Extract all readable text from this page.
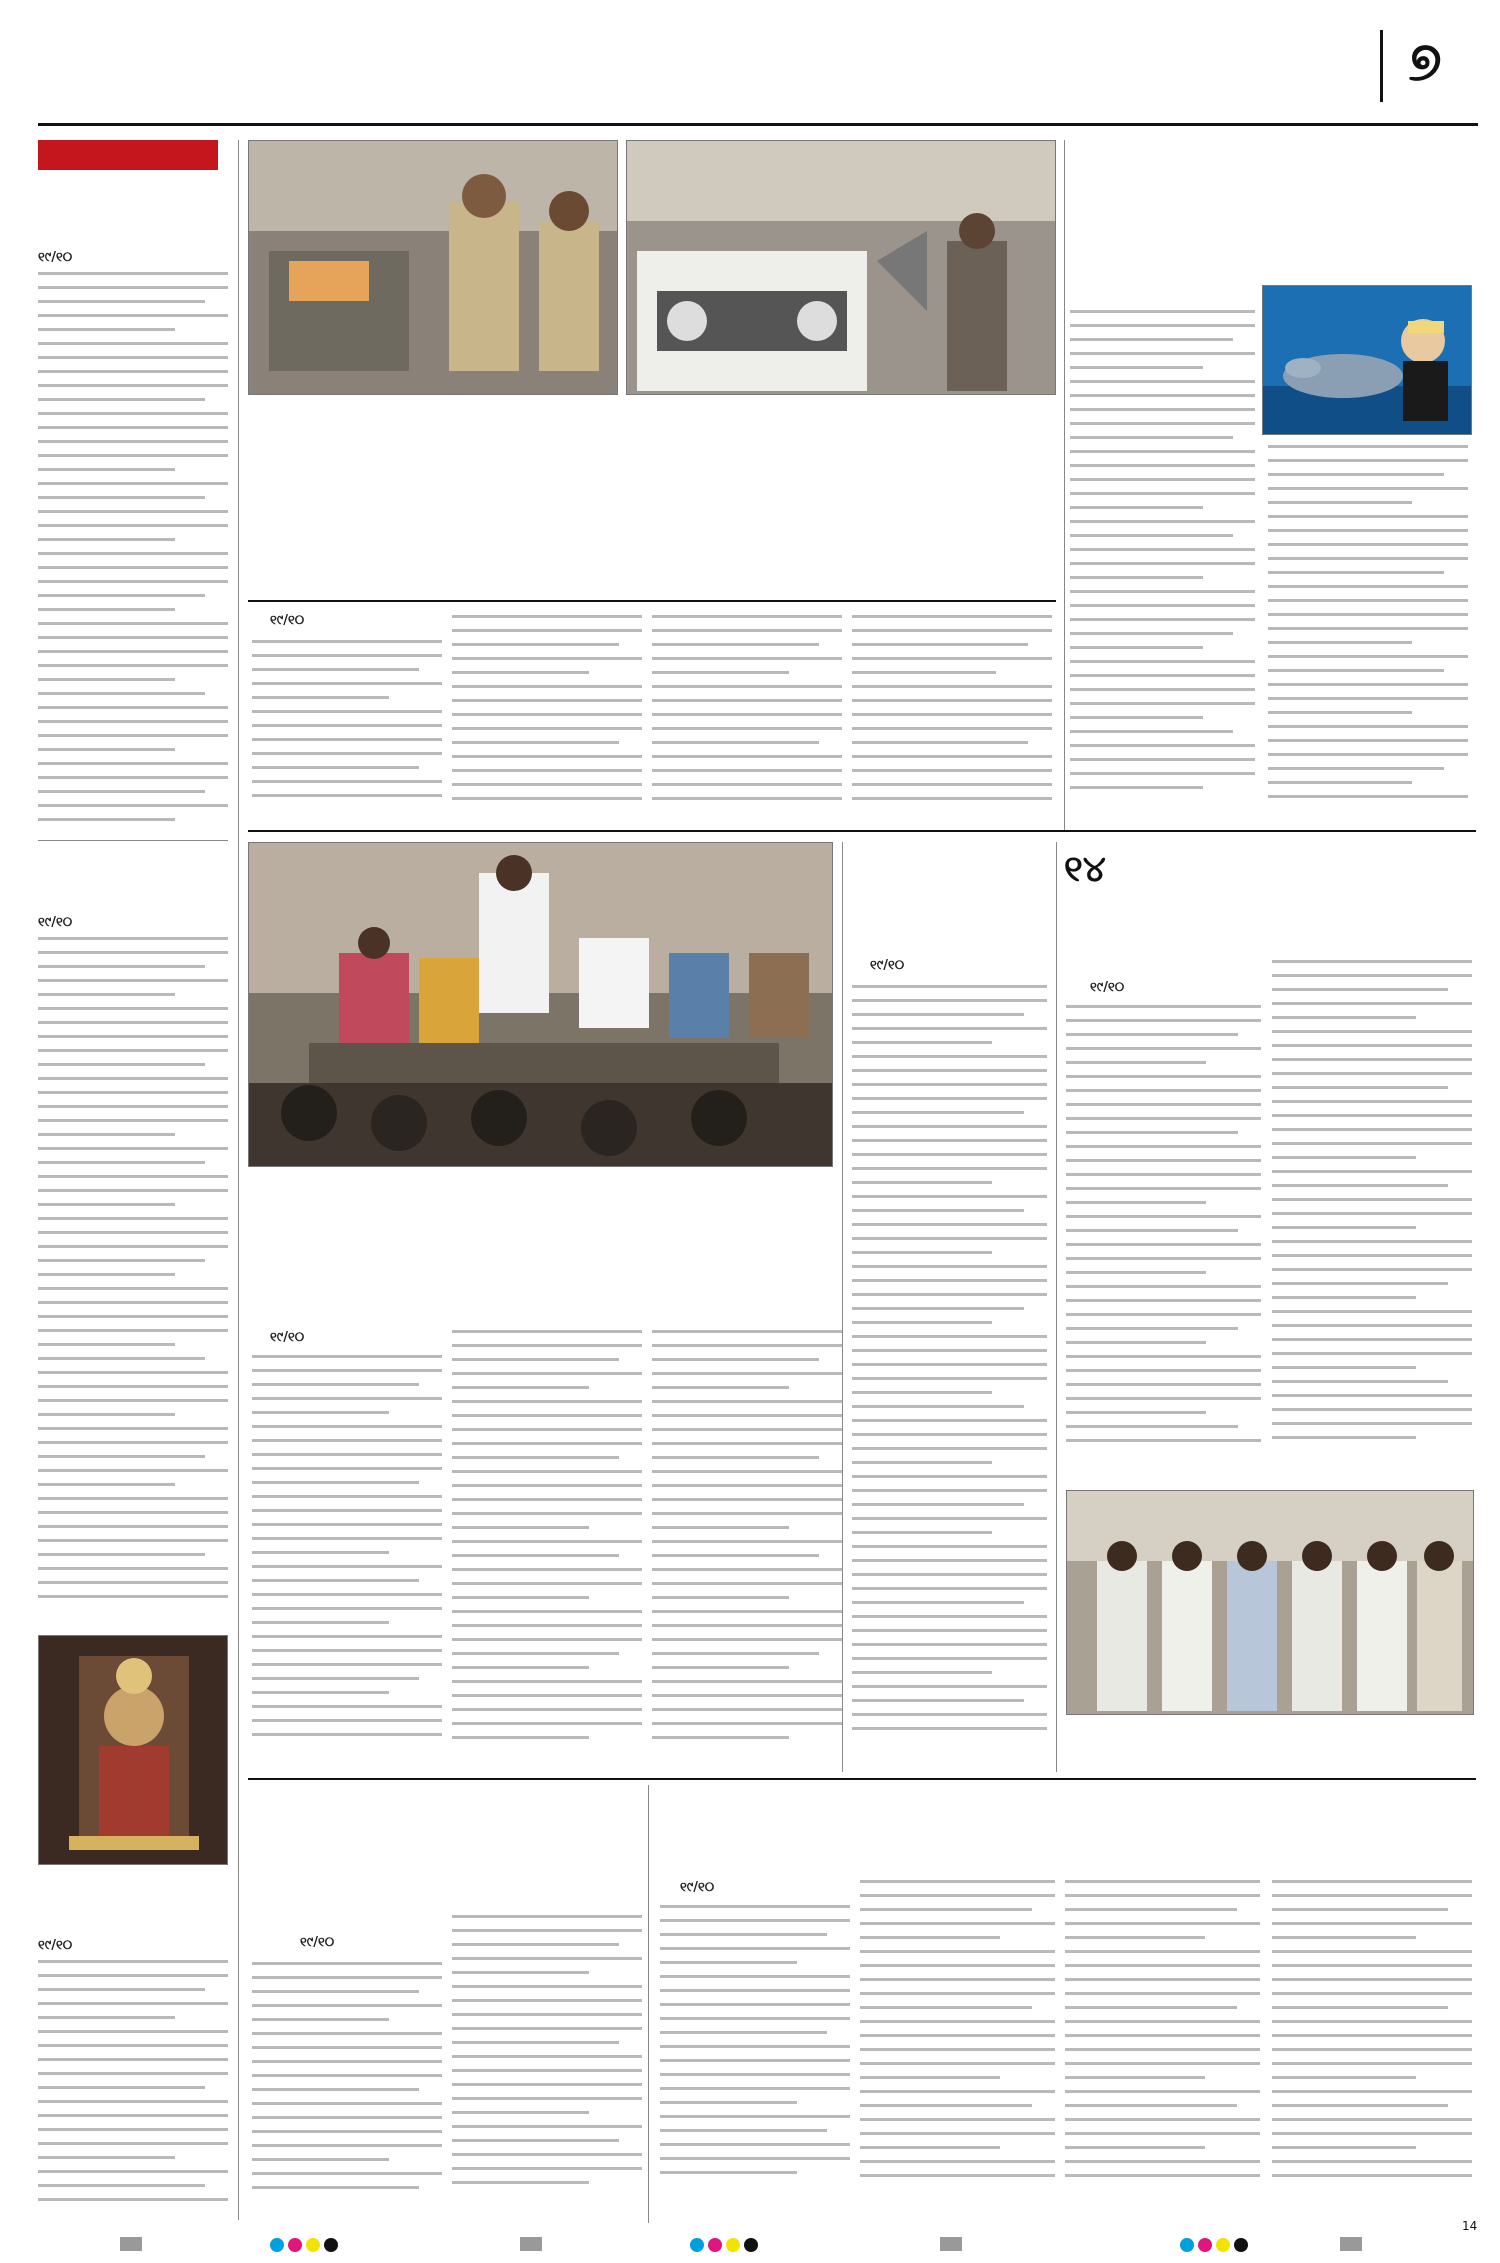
୭
୧୯/୧୦
୧୯/୧୦
୧୯/୧୦
୧୯/୧୦
୧୯/୧୦
୧୯/୧୦
୧୪
୧୯/୧୦
୧୯/୧୦
୧୯/୧୦
14
